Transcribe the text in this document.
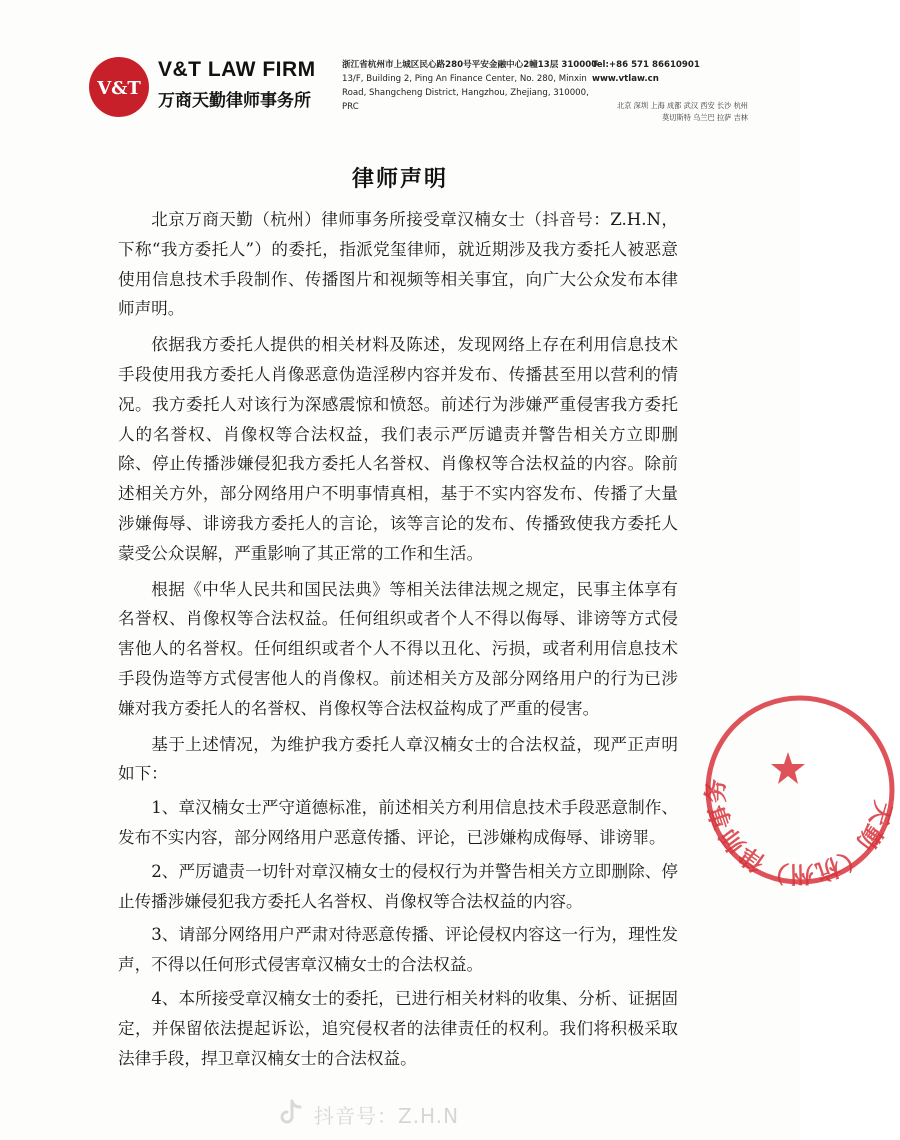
V&T
V&T LAW FIRM
万商天勤律师事务所
浙江省杭州市上城区民心路280号平安金融中心2幢13层 310000
13/F, Building 2, Ping An Finance Center, No. 280, Minxin
Road, Shangcheng District, Hangzhou, Zhejiang, 310000, PRC
Tel:+86 571 86610901
www.vtlaw.cn
北京 深圳 上海 成都 武汉 西安 长沙 杭州
莫切斯特 乌兰巴 拉萨 吉林
律师声明

北京万商天勤（杭州）律师事务所接受章汉楠女士（抖音号：Z.H.N，下称“我方委托人”）的委托，指派党玺律师，就近期涉及我方委托人被恶意使用信息技术手段制作、传播图片和视频等相关事宜，向广大公众发布本律师声明。

依据我方委托人提供的相关材料及陈述，发现网络上存在利用信息技术手段使用我方委托人肖像恶意伪造淫秽内容并发布、传播甚至用以营利的情况。我方委托人对该行为深感震惊和愤怒。前述行为涉嫌严重侵害我方委托人的名誉权、肖像权等合法权益，我们表示严厉谴责并警告相关方立即删除、停止传播涉嫌侵犯我方委托人名誉权、肖像权等合法权益的内容。除前述相关方外，部分网络用户不明事情真相，基于不实内容发布、传播了大量涉嫌侮辱、诽谤我方委托人的言论，该等言论的发布、传播致使我方委托人蒙受公众误解，严重影响了其正常的工作和生活。

根据《中华人民共和国民法典》等相关法律法规之规定，民事主体享有名誉权、肖像权等合法权益。任何组织或者个人不得以侮辱、诽谤等方式侵害他人的名誉权。任何组织或者个人不得以丑化、污损，或者利用信息技术手段伪造等方式侵害他人的肖像权。前述相关方及部分网络用户的行为已涉嫌对我方委托人的名誉权、肖像权等合法权益构成了严重的侵害。

基于上述情况，为维护我方委托人章汉楠女士的合法权益，现严正声明如下：

1、章汉楠女士严守道德标准，前述相关方利用信息技术手段恶意制作、发布不实内容，部分网络用户恶意传播、评论，已涉嫌构成侮辱、诽谤罪。

2、严厉谴责一切针对章汉楠女士的侵权行为并警告相关方立即删除、停止传播涉嫌侵犯我方委托人名誉权、肖像权等合法权益的内容。

3、请部分网络用户严肃对待恶意传播、评论侵权内容这一行为，理性发声，不得以任何形式侵害章汉楠女士的合法权益。

4、本所接受章汉楠女士的委托，已进行相关材料的收集、分析、证据固定，并保留依法提起诉讼，追究侵权者的法律责任的权利。我们将积极采取法律手段，捍卫章汉楠女士的合法权益。

天勤（杭州）律师事务
抖音号：Z.H.N
